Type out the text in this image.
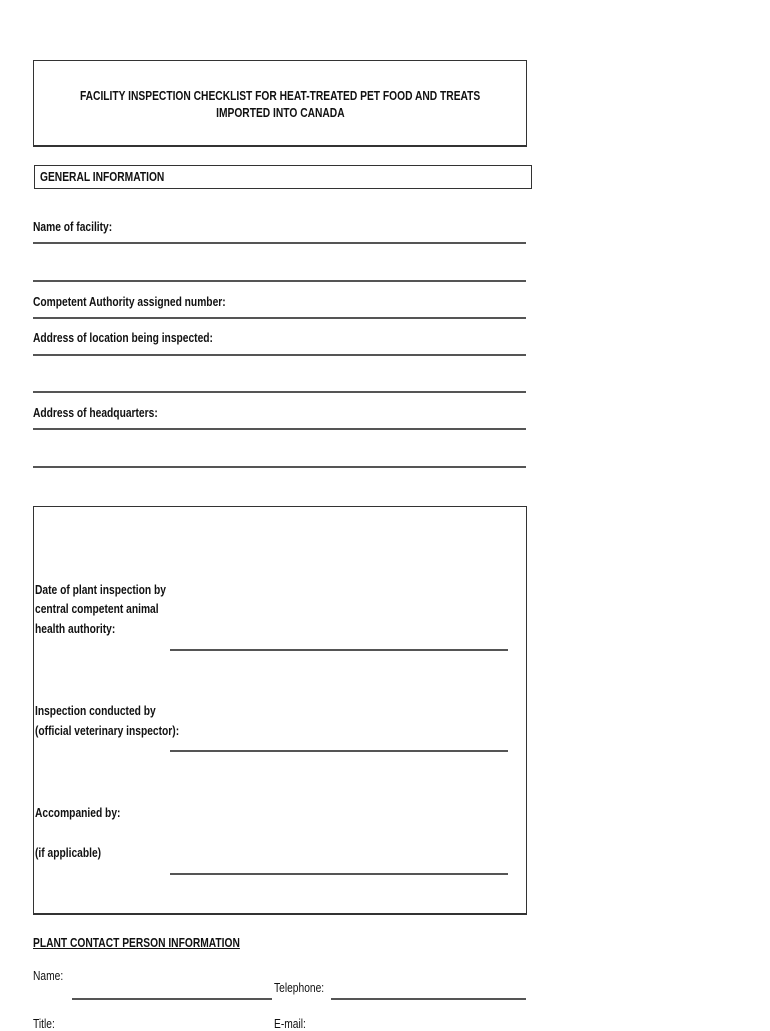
FACILITY INSPECTION CHECKLIST FOR HEAT-TREATED PET FOOD AND TREATS
IMPORTED INTO CANADA
GENERAL INFORMATION
Name of facility:
Competent Authority assigned number:
Address of location being inspected:
Address of headquarters:
Date of plant inspection by
central competent animal
health authority:
Inspection conducted by
(official veterinary inspector):
Accompanied by:
(if applicable)
PLANT CONTACT PERSON INFORMATION
Name:
Telephone:
Title:	E-mail:
